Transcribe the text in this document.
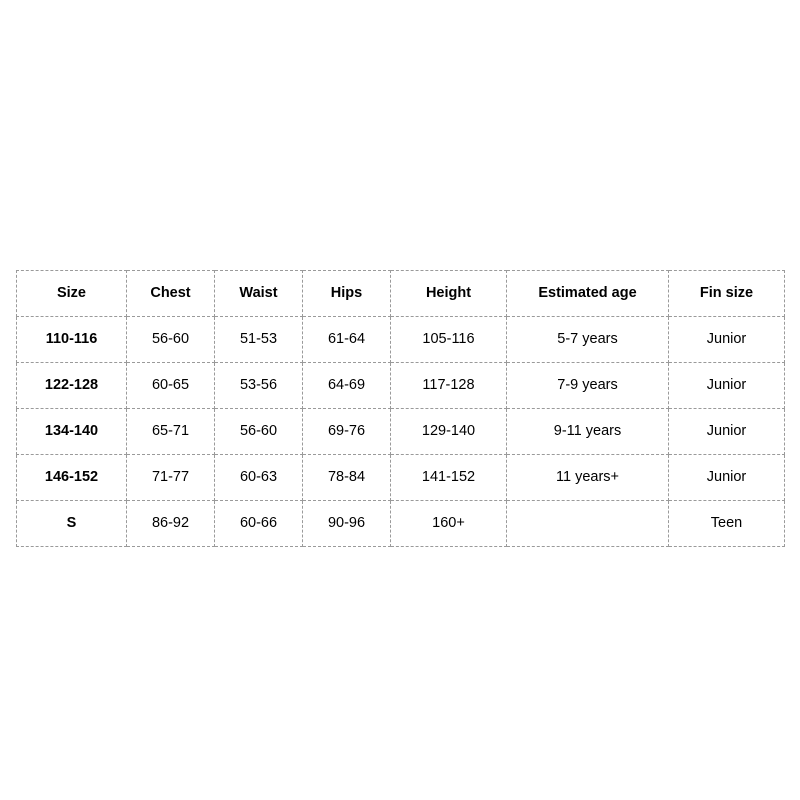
Size	Chest	Waist	Hips	Height	Estimated age	Fin size
110-116	56-60	51-53	61-64	105-116	5-7 years	Junior
122-128	60-65	53-56	64-69	117-128	7-9 years	Junior
134-140	65-71	56-60	69-76	129-140	9-11 years	Junior
146-152	71-77	60-63	78-84	141-152	11 years+	Junior
S	86-92	60-66	90-96	160+		Teen
